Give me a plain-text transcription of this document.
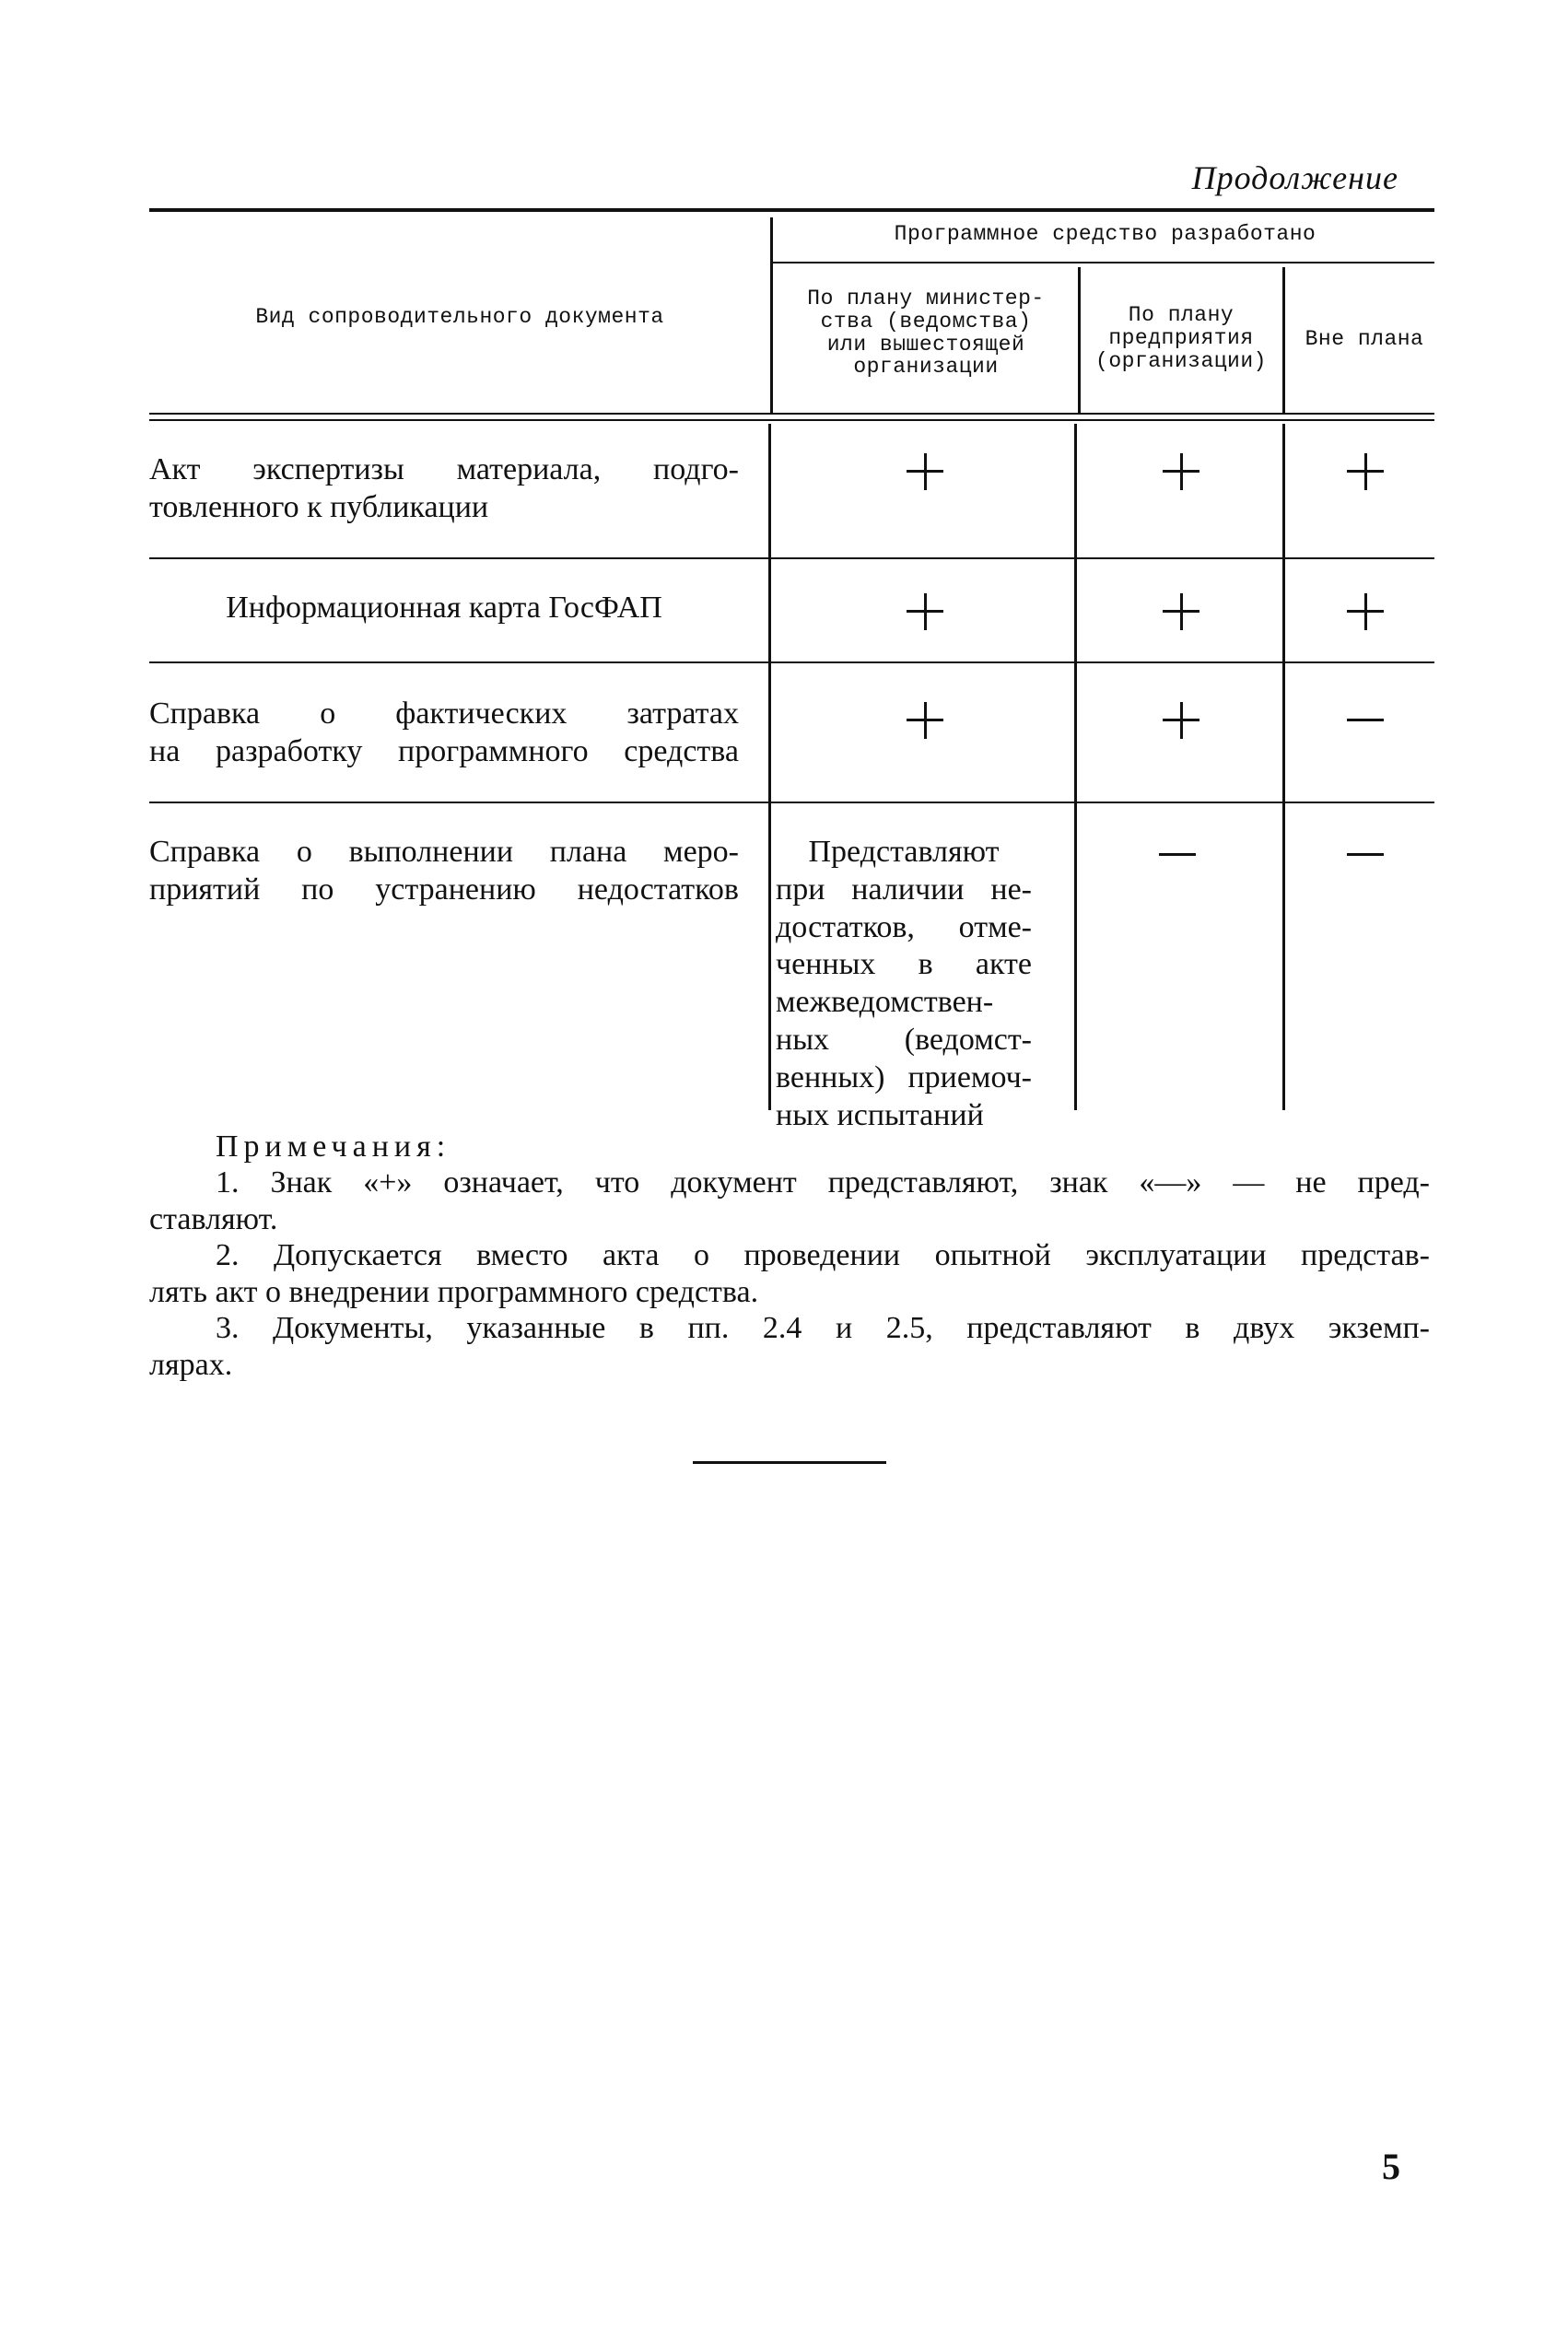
Продолжение
Вид сопроводительного документа
Программное средство разработано
По плану министер-
ства (ведомства)
или вышестоящей
организации
По плану
предприятия
(организации)
Вне плана
Акт экспертизы материала, подго-
товленного к публикации
Информационная карта ГосФАП
Справка о фактических затратах
на разработку программного средства
Справка о выполнении плана меро-
приятий по устранению недостатков
Представляют
при наличии не-
достатков, отме-
ченных в акте
межведомствен-
ных (ведомст-
венных) приемоч-
ных испытаний
Примечания:

1. Знак «+» означает, что документ представляют, знак «—» — не пред-

ставляют.

2. Допускается вместо акта о проведении опытной эксплуатации представ-

лять акт о внедрении программного средства.

3. Документы, указанные в пп. 2.4 и 2.5, представляют в двух экземп-

лярах.

5
